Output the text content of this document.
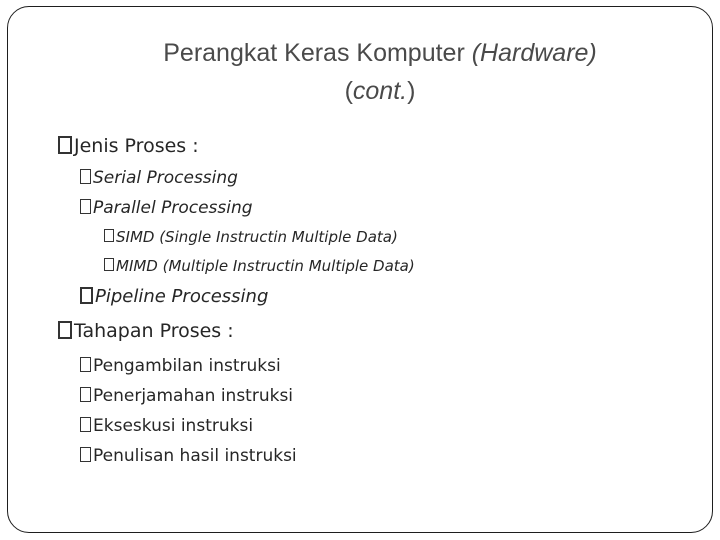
Perangkat Keras Komputer (Hardware)
(cont.)
Jenis Proses :
Serial Processing
Parallel Processing
SIMD (Single Instructin Multiple Data)
MIMD (Multiple Instructin Multiple Data)
Pipeline Processing
Tahapan Proses :
Pengambilan instruksi
Penerjamahan instruksi
Ekseskusi instruksi
Penulisan hasil instruksi
